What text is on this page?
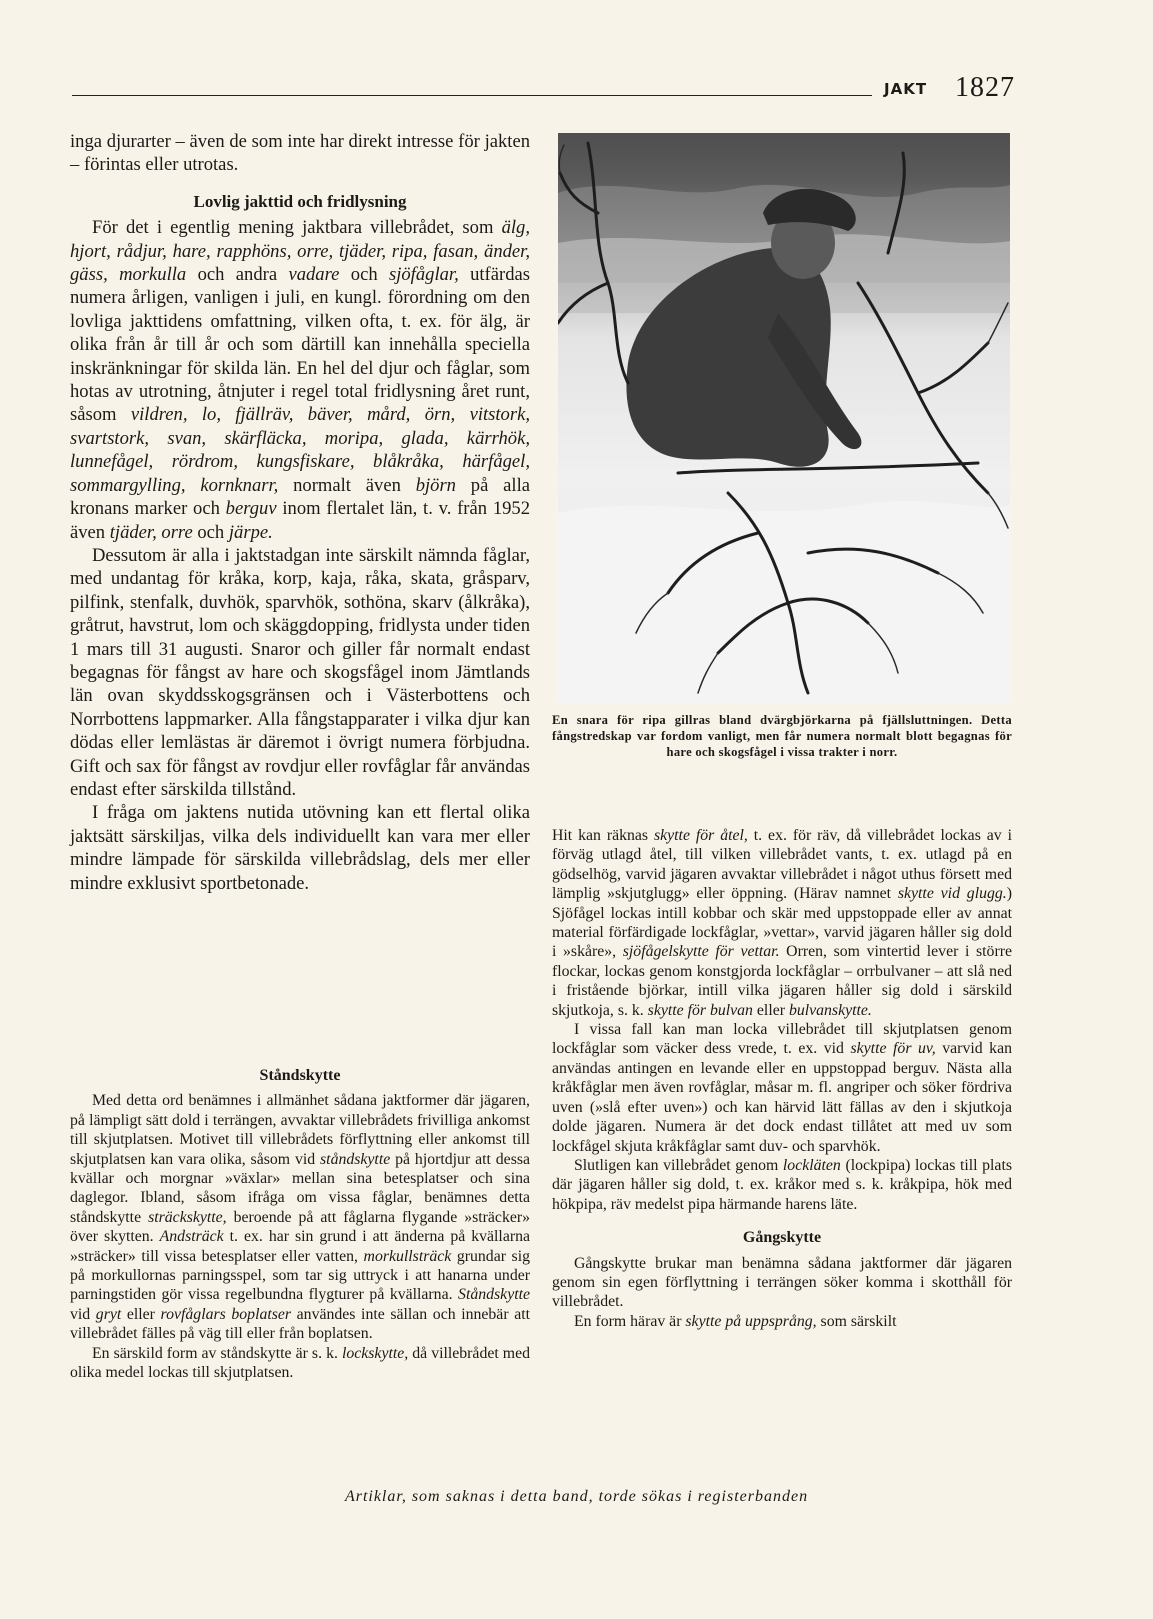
JAKT 1827

inga djurarter – även de som inte har direkt intresse för jakten – förintas eller utrotas.

Lovlig jakttid och fridlysning

För det i egentlig mening jaktbara villebrådet, som älg, hjort, rådjur, hare, rapphöns, orre, tjäder, ripa, fasan, änder, gäss, morkulla och andra vadare och sjöfåglar, utfärdas numera årligen, vanligen i juli, en kungl. förordning om den lovliga jakttidens omfattning, vilken ofta, t. ex. för älg, är olika från år till år och som därtill kan innehålla speciella inskränkningar för skilda län. En hel del djur och fåglar, som hotas av utrotning, åtnjuter i regel total fridlysning året runt, såsom vildren, lo, fjällräv, bäver, mård, örn, vitstork, svartstork, svan, skärfläcka, moripa, glada, kärrhök, lunnefågel, rördrom, kungsfiskare, blåkråka, härfågel, sommargylling, kornknarr, normalt även björn på alla kronans marker och berguv inom flertalet län, t. v. från 1952 även tjäder, orre och järpe.

Dessutom är alla i jaktstadgan inte särskilt nämnda fåglar, med undantag för kråka, korp, kaja, råka, skata, gråsparv, pilfink, stenfalk, duvhök, sparvhök, sothöna, skarv (ålkråka), gråtrut, havstrut, lom och skäggdopping, fridlysta under tiden 1 mars till 31 augusti. Snaror och giller får normalt endast begagnas för fångst av hare och skogsfågel inom Jämtlands län ovan skyddsskogsgränsen och i Västerbottens och Norrbottens lappmarker. Alla fångstapparater i vilka djur kan dödas eller lemlästas är däremot i övrigt numera förbjudna. Gift och sax för fångst av rovdjur eller rovfåglar får användas endast efter särskilda tillstånd.

I fråga om jaktens nutida utövning kan ett flertal olika jaktsätt särskiljas, vilka dels individuellt kan vara mer eller mindre lämpade för särskilda villebrådslag, dels mer eller mindre exklusivt sportbetonade.

Ståndskytte

Med detta ord benämnes i allmänhet sådana jaktformer där jägaren, på lämpligt sätt dold i terrängen, avvaktar villebrådets frivilliga ankomst till skjutplatsen. Motivet till villebrådets förflyttning eller ankomst till skjutplatsen kan vara olika, såsom vid ståndskytte på hjortdjur att dessa kvällar och morgnar »växlar» mellan sina betesplatser och sina daglegor. Ibland, såsom ifråga om vissa fåglar, benämnes detta ståndskytte sträckskytte, beroende på att fåglarna flygande »sträcker» över skytten. Andsträck t. ex. har sin grund i att änderna på kvällarna »sträcker» till vissa betesplatser eller vatten, morkullsträck grundar sig på morkullornas parningsspel, som tar sig uttryck i att hanarna under parningstiden gör vissa regelbundna flygturer på kvällarna. Ståndskytte vid gryt eller rovfåglars boplatser användes inte sällan och innebär att villebrådet fälles på väg till eller från boplatsen.

En särskild form av ståndskytte är s. k. lockskytte, då villebrådet med olika medel lockas till skjutplatsen.

En snara för ripa gillras bland dvärgbjörkarna på fjällsluttningen. Detta fångstredskap var fordom vanligt, men får numera normalt blott begagnas för hare och skogsfågel i vissa trakter i norr.

Hit kan räknas skytte för åtel, t. ex. för räv, då villebrådet lockas av i förväg utlagd åtel, till vilken villebrådet vants, t. ex. utlagd på en gödselhög, varvid jägaren avvaktar villebrådet i något uthus försett med lämplig »skjutglugg» eller öppning. (Härav namnet skytte vid glugg.) Sjöfågel lockas intill kobbar och skär med uppstoppade eller av annat material förfärdigade lockfåglar, »vettar», varvid jägaren håller sig dold i »skåre», sjöfågelskytte för vettar. Orren, som vintertid lever i större flockar, lockas genom konstgjorda lockfåglar – orrbulvaner – att slå ned i fristående björkar, intill vilka jägaren håller sig dold i särskild skjutkoja, s. k. skytte för bulvan eller bulvanskytte.

I vissa fall kan man locka villebrådet till skjutplatsen genom lockfåglar som väcker dess vrede, t. ex. vid skytte för uv, varvid kan användas antingen en levande eller en uppstoppad berguv. Nästa alla kråkfåglar men även rovfåglar, måsar m. fl. angriper och söker fördriva uven (»slå efter uven») och kan härvid lätt fällas av den i skjutkoja dolde jägaren. Numera är det dock endast tillåtet att med uv som lockfågel skjuta kråkfåglar samt duv- och sparvhök.

Slutligen kan villebrådet genom lockläten (lockpipa) lockas till plats där jägaren håller sig dold, t. ex. kråkor med s. k. kråkpipa, hök med hökpipa, räv medelst pipa härmande harens läte.

Gångskytte

Gångskytte brukar man benämna sådana jaktformer där jägaren genom sin egen förflyttning i terrängen söker komma i skotthåll för villebrådet.

En form härav är skytte på uppsprång, som särskilt

Artiklar, som saknas i detta band, torde sökas i registerbanden
